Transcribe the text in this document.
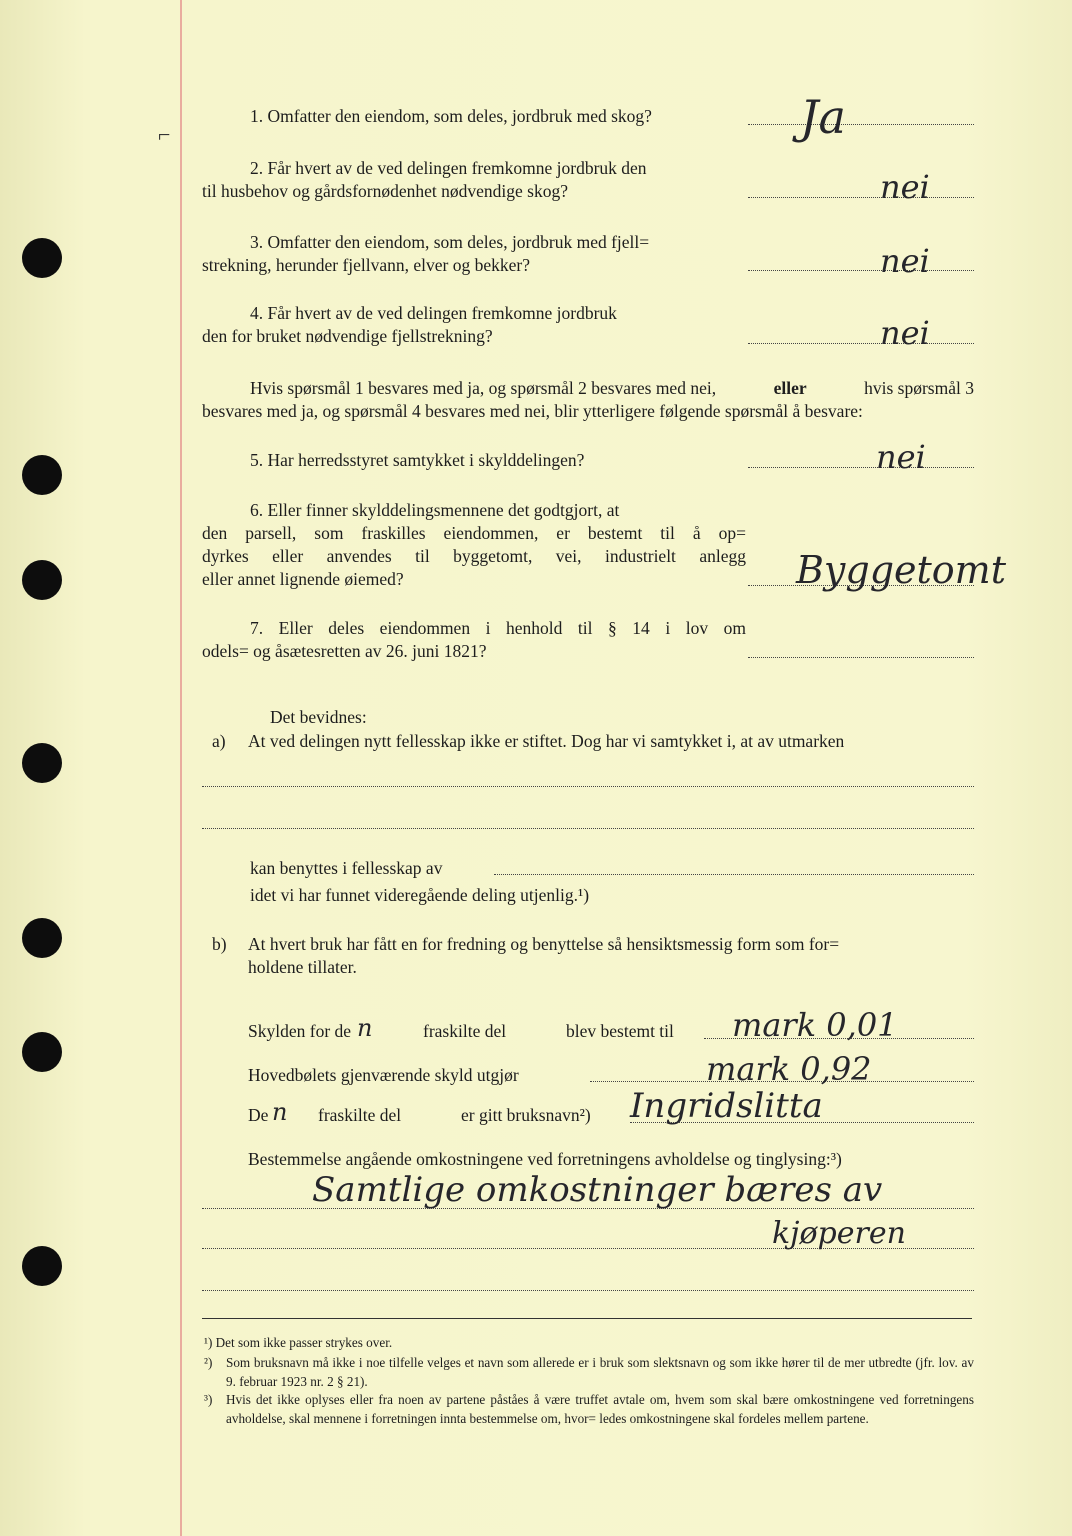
⌐
1. Omfatter den eiendom, som deles, jordbruk med skog?	Ja
2. Får hvert av de ved delingen fremkomne jordbruk den
til husbehov og gårdsfornødenhet nødvendige skog?	nei
3. Omfatter den eiendom, som deles, jordbruk med fjell=
strekning, herunder fjellvann, elver og bekker?	nei
4. Får hvert av de ved delingen fremkomne jordbruk
den for bruket nødvendige fjellstrekning?	nei
Hvis spørsmål 1 besvares med ja, og spørsmål 2 besvares med nei,	eller	hvis spørsmål 3
besvares med ja, og spørsmål 4 besvares med nei, blir ytterligere følgende spørsmål å besvare:
5. Har herredsstyret samtykket i skylddelingen?	nei
6. Eller finner skylddelingsmennene det godtgjort, at
den parsell, som fraskilles eiendommen, er bestemt til å op=
dyrkes eller anvendes til byggetomt, vei, industrielt anlegg
eller annet lignende øiemed?	Byggetomt
7. Eller deles eiendommen i henhold til § 14 i lov om
odels= og åsætesretten av 26. juni 1821?
Det bevidnes:
a) At ved delingen nytt fellesskap ikke er stiftet. Dog har vi samtykket i, at av utmarken
kan benyttes i fellesskap av
idet vi har funnet videregående deling utjenlig.¹)
b) At hvert bruk har fått en for fredning og benyttelse så hensiktsmessig form som for=
holdene tillater.
Skylden for de n	fraskilte del	blev bestemt til mark 0,01
Hovedbølets gjenværende skyld utgjør	mark 0,92
De n fraskilte del	er gitt bruksnavn²) Ingridslitta
Bestemmelse angående omkostningene ved forretningens avholdelse og tinglysing:³)
Samtlige omkostninger bæres av
kjøperen
¹) Det som ikke passer strykes over.
²) Som bruksnavn må ikke i noe tilfelle velges et navn som allerede er i bruk som slektsnavn og som ikke hører til de mer utbredte (jfr. lov. av 9. februar 1923 nr. 2 § 21).
³) Hvis det ikke oplyses eller fra noen av partene påståes å være truffet avtale om, hvem som skal bære omkostningene ved forretningens avholdelse, skal mennene i forretningen innta bestemmelse om, hvor= ledes omkostningene skal fordeles mellem partene.
